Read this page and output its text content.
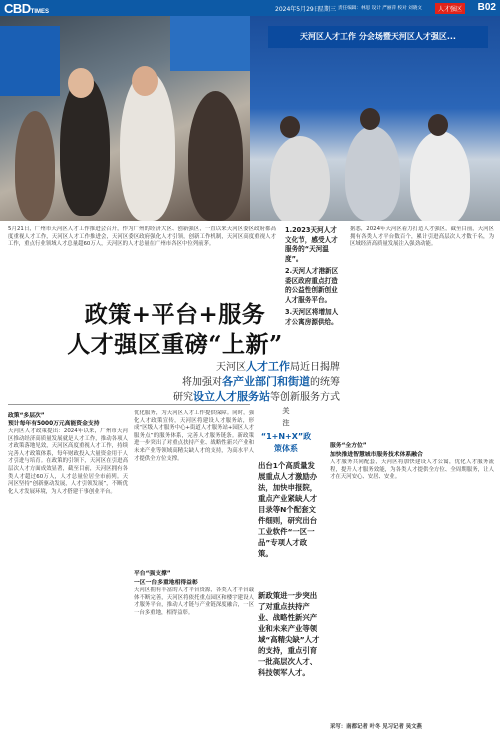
CBDTIMES	2024年5月29日
星期三 责任编辑：林思 设计 严丽萍 校对 刘晓文	人才强区	B02
天河区人才工作 分会场暨天河区人才强区...
5月21日，广州市天河区人才工作推进会召开，作为广州的经济大区、创新强区，一直以来天河区委区政府都高度重视人才工作，天河区人才工作推进会，天河区委区政府强化人才引领，创新工作机制，天河区高度重视人才工作，重点行业领域人才总量超60万人，天河区的人才总量在广州市各区中位列前茅。
1.2023天河人才文化节，感受人才服务的“天河温度”。
2.天河人才港新区委区政府重点打造的公益性创新创业人才服务平台。
3.天河区将增加人才公寓房源供给。
据悉，2024年天河区着力打造人才强区，截至目前，天河区拥有各类人才平台数百个，累计引进高层次人才数千名，为区域经济高质量发展注入强劲动能。
政策+平台+服务
人才强区重磅“上新”
天河区人才工作局近日揭牌
将加强对各产业部门和街道的统筹
研究设立人才服务站等创新服务方式
关注
“1+N+X”政策体系
政策“多层次”
预计每年有5000万元高能资金支持
天河区人才政策提出：2024年以来，广州市天河区推动经济高质量发展就是人才工作，推动各项人才政策落地见效，天河区高度重视人才工作，持续完善人才政策体系，每年财政投入大量资金用于人才引进与培育。在政策的引领下，天河区在引进高层次人才方面成效显著，截至目前，天河区拥有各类人才超过60万人，人才总量位居全市前列。天河区坚持“创新驱动发展，人才引领发展”，不断优化人才发展环境，为人才搭建干事创业平台。
优化服务，为天河区人才工作提供保障。同时，强化人才政策宣传，天河区将建设人才服务站，形成“区级人才服务中心+街道人才服务站+园区人才服务点”的服务体系，完善人才服务链条。新政策进一步突出了对重点扶持产业、战略性新兴产业和未来产业等领域高精尖缺人才的支持，为高水平人才提供全方位支撑。
平台“强支撑”
一区一台多重地相得益彰
天河区拥有丰富的人才平台资源，各类人才平台载体不断完善，天河区将依托重点园区和楼宇建设人才服务平台，推动人才链与产业链深度融合，一区一台多重地，相得益彰。
出台1个高质量发展重点人才激励办法，加快申报院，重点产业紧缺人才目录等N个配套文件细则，研究出台工业软件“一区一品”专项人才政策。
新政策进一步突出了对重点扶持产业、战略性新兴产业和未来产业等领域“高精尖缺”人才的支持，重点引育一批高层次人才、科技领军人才。
服务“全方位”
加快推进智慧城市服务技术体系融合
人才服务共同配套，天河区将加快建设人才公寓，优化人才服务流程，提升人才服务效能，为各类人才提供全方位、全周期服务，让人才在天河安心、安居、安业。
采写：南都记者 叶冬 见习记者 吴文燕
